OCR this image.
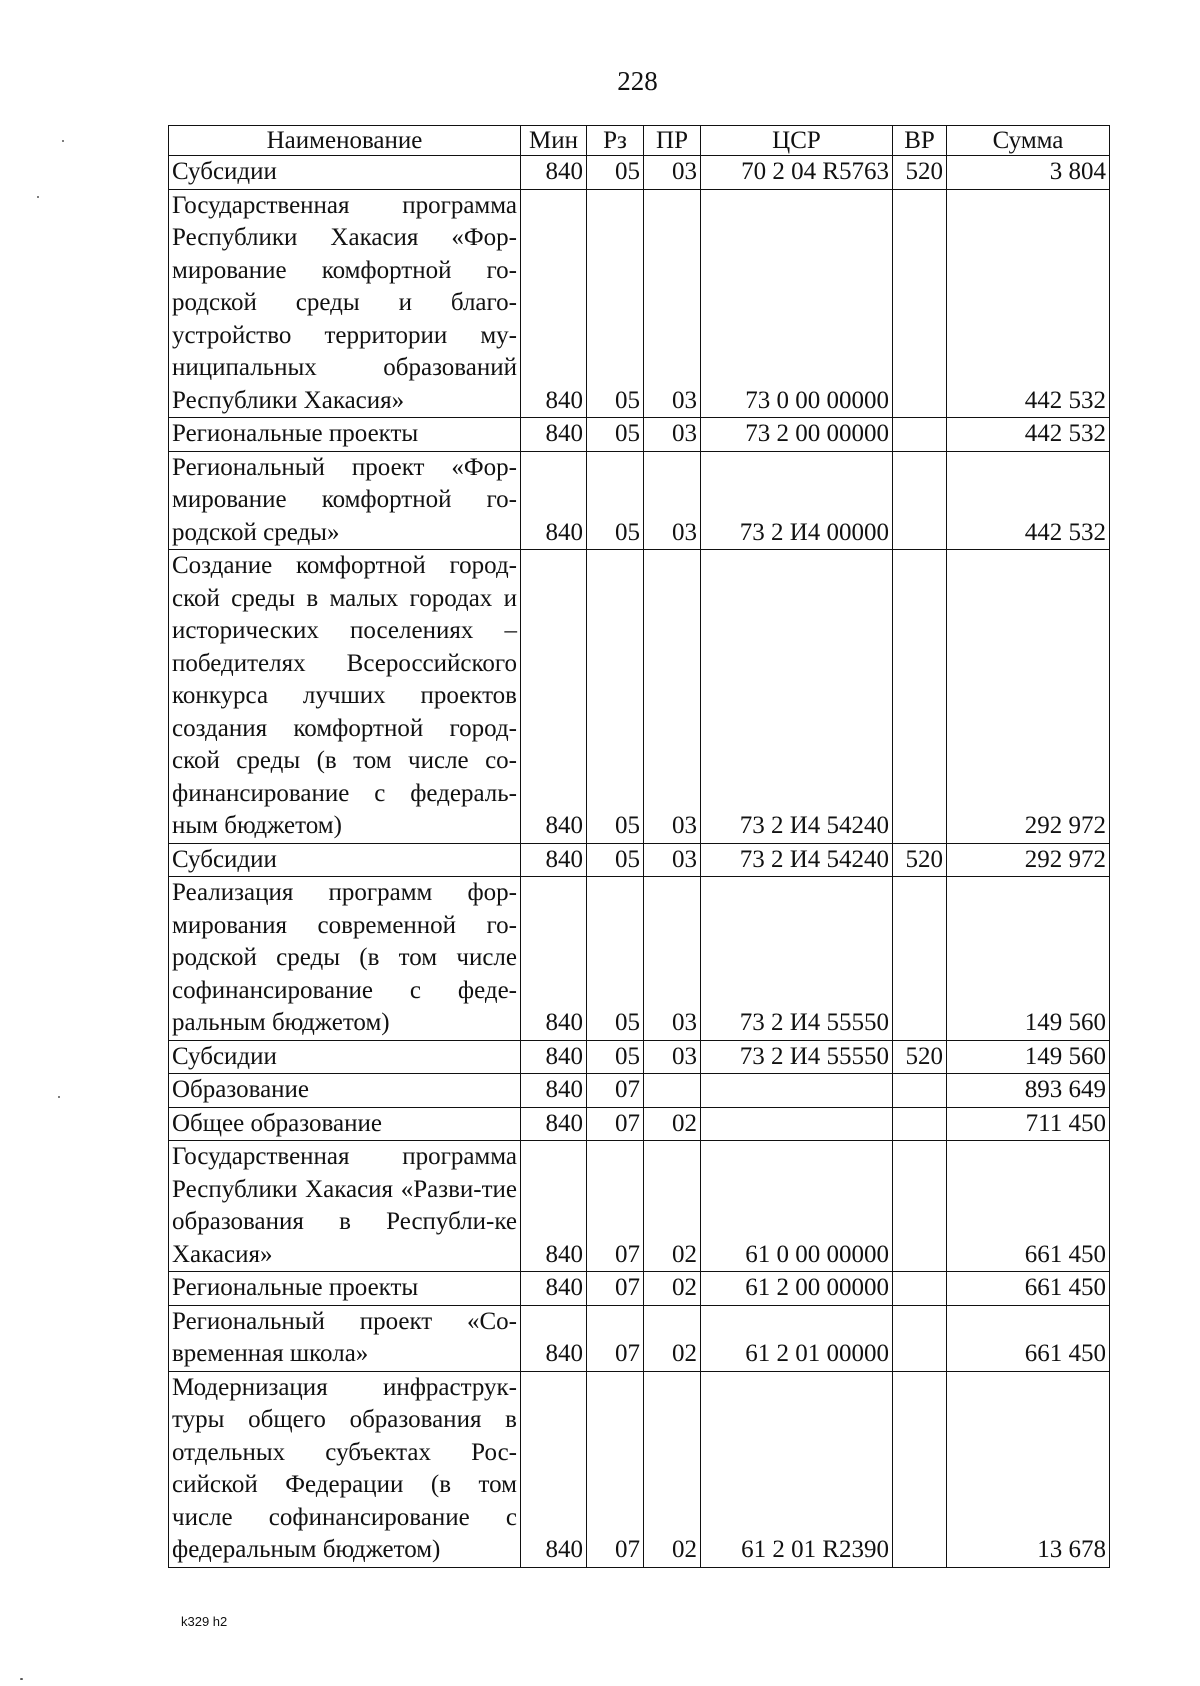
228
Наименование	Мин	Рз	ПР	ЦСР	ВР	Сумма
Субсидии	840	05	03	70 2 04 R5763	520	3 804
Государственная программа Республики Хакасия «Фор-мирование комфортной го-родской среды и благо-устройство территории му-ниципальных образований Республики Хакасия»	840	05	03	73 0 00 00000		442 532
Региональные проекты	840	05	03	73 2 00 00000		442 532
Региональный проект «Фор-мирование комфортной го-родской среды»	840	05	03	73 2 И4 00000		442 532
Создание комфортной город-ской среды в малых городах и исторических поселениях – победителях Всероссийского конкурса лучших проектов создания комфортной город-ской среды (в том числе со-финансирование с федераль-ным бюджетом)	840	05	03	73 2 И4 54240		292 972
Субсидии	840	05	03	73 2 И4 54240	520	292 972
Реализация программ фор-мирования современной го-родской среды (в том числе софинансирование с феде-ральным бюджетом)	840	05	03	73 2 И4 55550		149 560
Субсидии	840	05	03	73 2 И4 55550	520	149 560
Образование	840	07				893 649
Общее образование	840	07	02			711 450
Государственная программа Республики Хакасия «Разви-тие образования в Республи-ке Хакасия»	840	07	02	61 0 00 00000		661 450
Региональные проекты	840	07	02	61 2 00 00000		661 450
Региональный проект «Со-временная школа»	840	07	02	61 2 01 00000		661 450
Модернизация инфраструк-туры общего образования в отдельных субъектах Рос-сийской Федерации (в том числе софинансирование с федеральным бюджетом)	840	07	02	61 2 01 R2390		13 678
k329 h2
